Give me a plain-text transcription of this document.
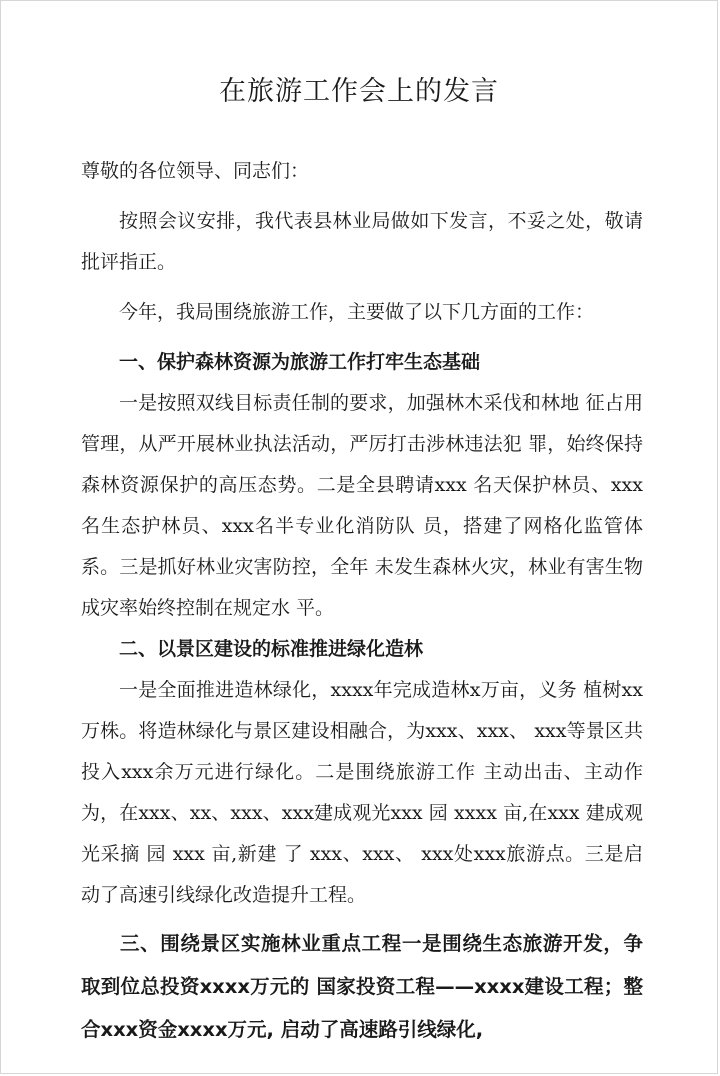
在旅游工作会上的发言

尊敬的各位领导、同志们：

按照会议安排，我代表县林业局做如下发言，不妥之处，敬请批评指正。

今年，我局围绕旅游工作，主要做了以下几方面的工作：

一、保护森林资源为旅游工作打牢生态基础

一是按照双线目标责任制的要求，加强林木采伐和林地 征占用管理，从严开展林业执法活动，严厉打击涉林违法犯 罪，始终保持森林资源保护的高压态势。二是全县聘请xxx 名天保护林员、xxx名生态护林员、xxx名半专业化消防队 员，搭建了网格化监管体系。三是抓好林业灾害防控，全年 未发生森林火灾，林业有害生物成灾率始终控制在规定水 平。

二、以景区建设的标准推进绿化造林

一是全面推进造林绿化，xxxx年完成造林x万亩，义务 植树xx万株。将造林绿化与景区建设相融合，为xxx、xxx、 xxx等景区共投入xxx余万元进行绿化。二是围绕旅游工作 主动出击、主动作为，在xxx、xx、xxx、xxx建成观光xxx 园 xxxx 亩,在xxx 建成观光采摘 园 xxx 亩,新建 了 xxx、xxx、 xxx处xxx旅游点。三是启动了高速引线绿化改造提升工程。

三、围绕景区实施林业重点工程一是围绕生态旅游开发，争取到位总投资xxxx万元的 国家投资工程——xxxx建设工程；整合xxx资金xxxx万元, 启动了高速路引线绿化,
